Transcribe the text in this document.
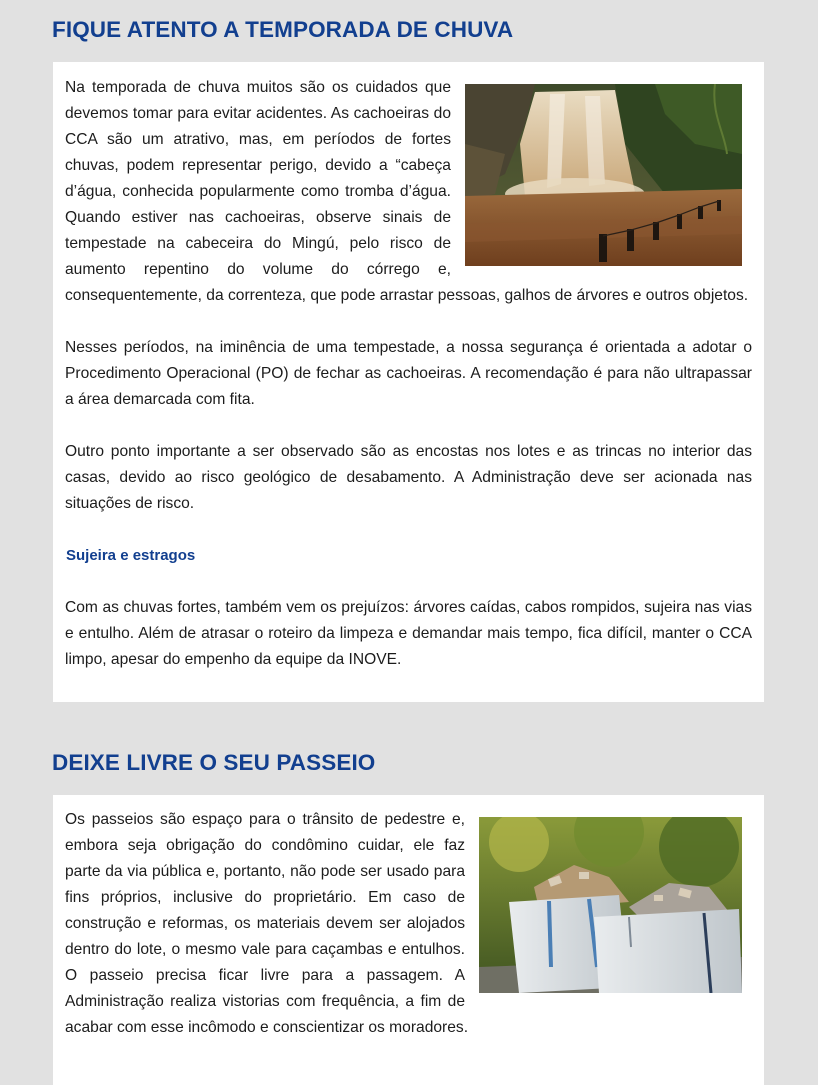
FIQUE ATENTO A TEMPORADA DE CHUVA

Na temporada de chuva muitos são os cuidados que devemos tomar para evitar acidentes. As cachoeiras do CCA são um atrativo, mas, em períodos de fortes chuvas, podem representar perigo, devido a “cabeça d’água, conhecida popularmente como tromba d’água. Quando estiver nas cachoeiras, observe sinais de tempestade na cabeceira do Mingú, pelo risco de aumento repentino do volume do córrego e, consequentemente, da correnteza, que pode arrastar pessoas, galhos de árvores e outros objetos.

Nesses períodos, na iminência de uma tempestade, a nossa segurança é orientada a adotar o Procedimento Operacional (PO) de fechar as cachoeiras. A recomendação é para não ultrapassar a área demarcada com fita.

Outro ponto importante a ser observado são as encostas nos lotes e as trincas no interior das casas, devido ao risco geológico de desabamento. A Administração deve ser acionada nas situações de risco.

Sujeira e estragos

Com as chuvas fortes, também vem os prejuízos: árvores caídas, cabos rompidos, sujeira nas vias e entulho. Além de atrasar o roteiro da limpeza e demandar mais tempo, fica difícil, manter o CCA limpo, apesar do empenho da equipe da INOVE.

DEIXE LIVRE O SEU PASSEIO

Os passeios são espaço para o trânsito de pedestre e, embora seja obrigação do condômino cuidar, ele faz parte da via pública e, portanto, não pode ser usado para fins próprios, inclusive do proprietário. Em caso de construção e reformas, os materiais devem ser alojados dentro do lote, o mesmo vale para caçambas e entulhos. O passeio precisa ficar livre para a passagem. A Administração realiza vistorias com frequência, a fim de acabar com esse incômodo e conscientizar os moradores.
